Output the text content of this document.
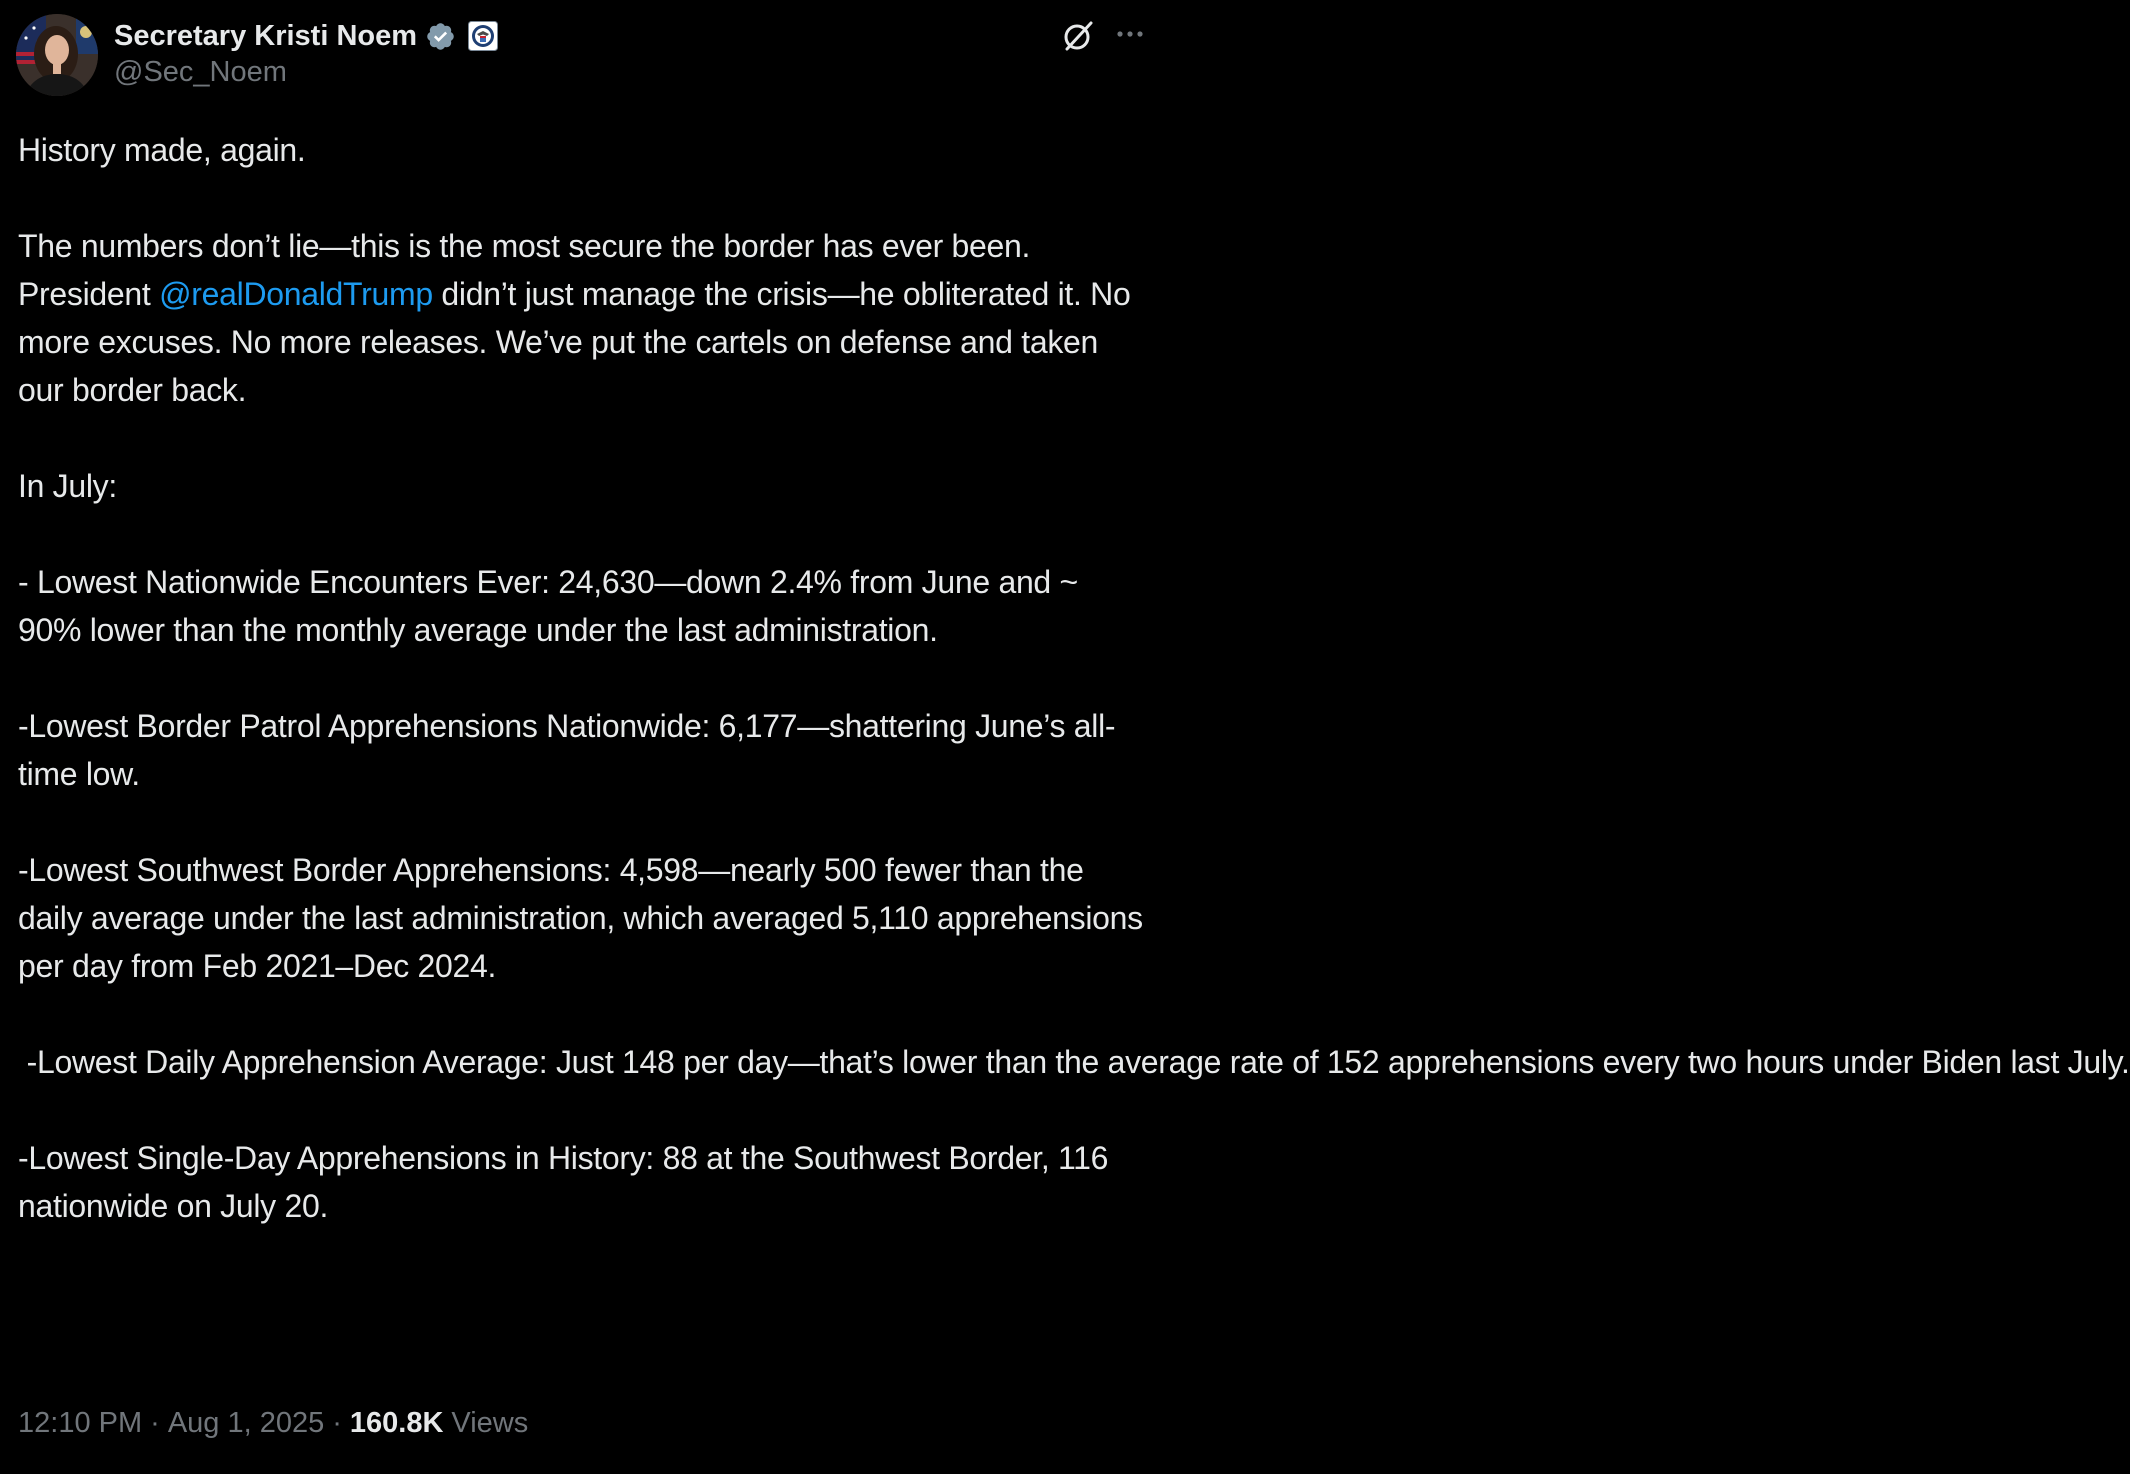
Secretary Kristi Noem
@Sec_Noem

History made, again.

The numbers don’t lie—this is the most secure the border has ever been. President @realDonaldTrump didn’t just manage the crisis—he obliterated it. No more excuses. No more releases. We’ve put the cartels on defense and taken our border back.

In July:

- Lowest Nationwide Encounters Ever: 24,630—down 2.4% from June and ~ 90% lower than the monthly average under the last administration.

-Lowest Border Patrol Apprehensions Nationwide: 6,177—shattering June’s all-time low.

-Lowest Southwest Border Apprehensions: 4,598—nearly 500 fewer than the daily average under the last administration, which averaged 5,110 apprehensions per day from Feb 2021–Dec 2024.

-Lowest Daily Apprehension Average: Just 148 per day—that’s lower than the average rate of 152 apprehensions every two hours under Biden last July.

-Lowest Single-Day Apprehensions in History: 88 at the Southwest Border, 116 nationwide on July 20.

12:10 PM · Aug 1, 2025 · 160.8K Views
